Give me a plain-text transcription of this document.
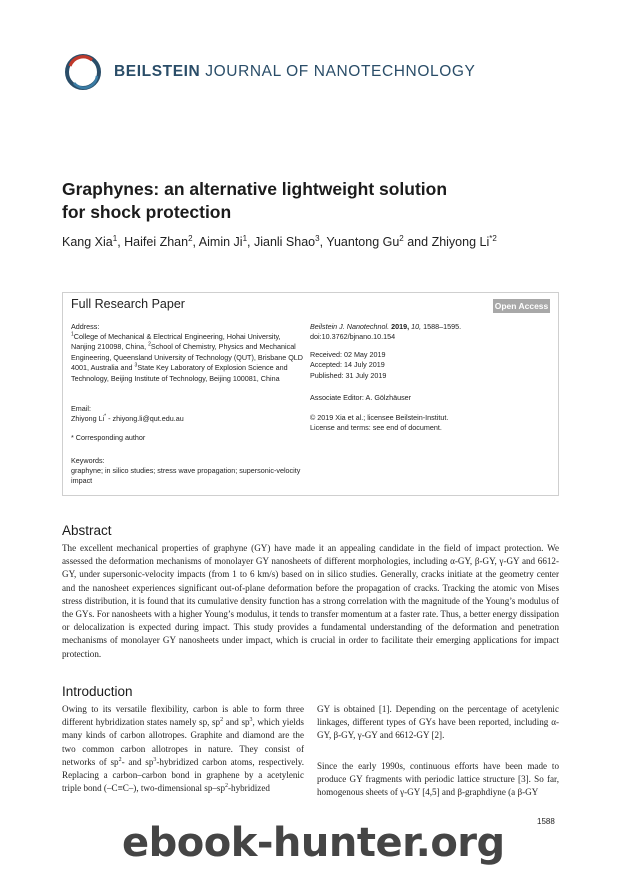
BEILSTEIN JOURNAL OF NANOTECHNOLOGY
Graphynes: an alternative lightweight solution
for shock protection
Kang Xia$^1$, Haifei Zhan$^2$, Aimin Ji$^1$, Jianli Shao$^3$, Yuantong Gu$^2$ and Zhiyong Li$^{*2}$
Full Research Paper	Open Access
Address:
$^1$College of Mechanical & Electrical Engineering, Hohai University, Nanjing 210098, China, $^2$School of Chemistry, Physics and Mechanical Engineering, Queensland University of Technology (QUT), Brisbane QLD 4001, Australia and $^3$State Key Laboratory of Explosion Science and Technology, Beijing Institute of Technology, Beijing 100081, China
Email:
Zhiyong Li* - zhiyong.li@qut.edu.au
* Corresponding author
Keywords:
graphyne; in silico studies; stress wave propagation; supersonic-velocity impact
Beilstein J. Nanotechnol. 2019, 10, 1588–1595.
doi:10.3762/bjnano.10.154
Received: 02 May 2019
Accepted: 14 July 2019
Published: 31 July 2019
Associate Editor: A. Gölzhäuser
© 2019 Xia et al.; licensee Beilstein-Institut.
License and terms: see end of document.
Abstract
The excellent mechanical properties of graphyne (GY) have made it an appealing candidate in the field of impact protection. We assessed the deformation mechanisms of monolayer GY nanosheets of different morphologies, including α-GY, β-GY, γ-GY and 6612-GY, under supersonic-velocity impacts (from 1 to 6 km/s) based on in silico studies. Generally, cracks initiate at the geometry center and the nanosheet experiences significant out-of-plane deformation before the propagation of cracks. Tracking the atomic von Mises stress distribution, it is found that its cumulative density function has a strong correlation with the magnitude of the Young’s modulus of the GYs. For nanosheets with a higher Young’s modulus, it tends to transfer momentum at a faster rate. Thus, a better energy dissipation or delocalization is expected during impact. This study provides a fundamental understanding of the deformation and penetration mechanisms of monolayer GY nanosheets under impact, which is crucial in order to facilitate their emerging applications for impact protection.
Introduction
Owing to its versatile flexibility, carbon is able to form three different hybridization states namely sp, $sp^2$ and $sp^3$, which yields many kinds of carbon allotropes. Graphite and diamond are the two common carbon allotropes in nature. They consist of networks of $sp^2-$ and $sp^3$-hybridized carbon atoms, respectively. Replacing a carbon–carbon bond in graphene by a acetylenic triple bond (–C≡C–), two-dimensional $sp-sp^2$-hybridized
GY is obtained [1]. Depending on the percentage of acetylenic linkages, different types of GYs have been reported, including α-GY, β-GY, γ-GY and 6612-GY [2].
Since the early 1990s, continuous efforts have been made to produce GY fragments with periodic lattice structure [3]. So far, homogenous sheets of γ-GY [4,5] and β-graphdiyne (a β-GY
1588
ebook-hunter.org
